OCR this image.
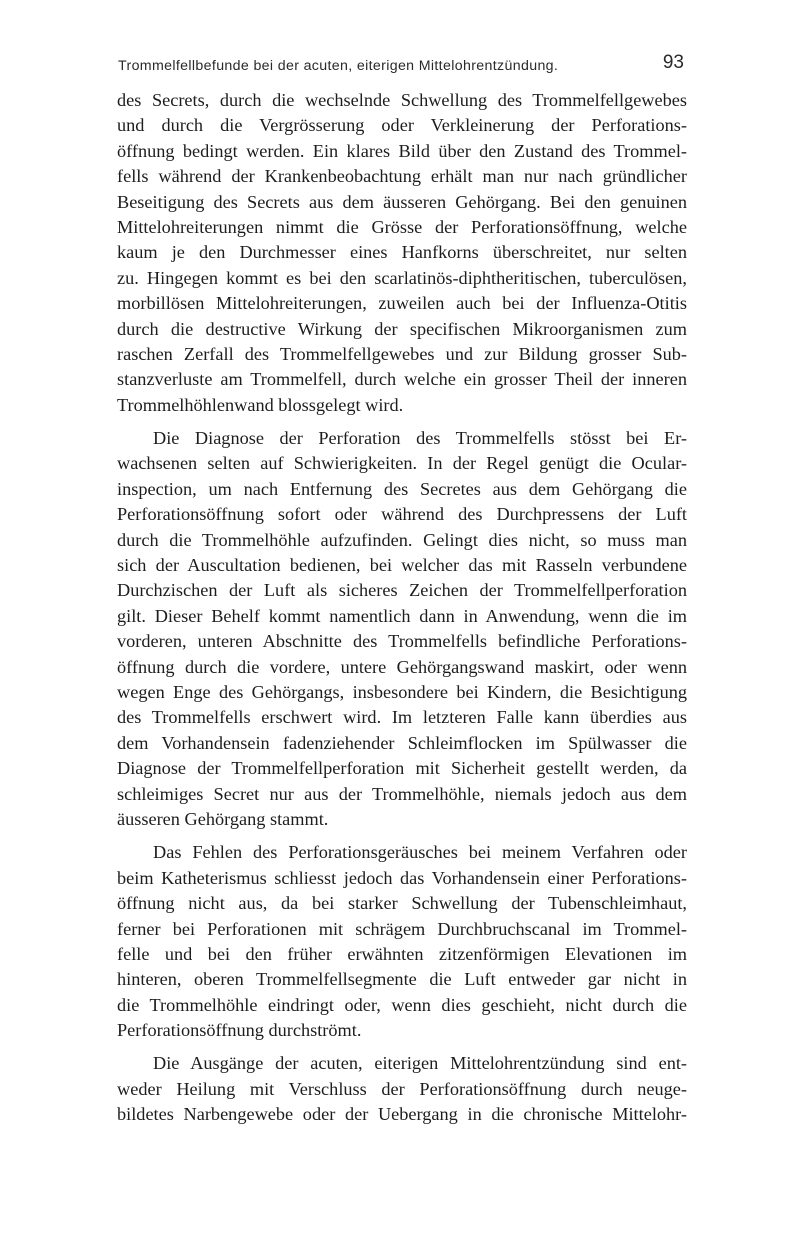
Trommelfellbefunde bei der acuten, eiterigen Mittelohrentzündung.	93
des Secrets, durch die wechselnde Schwellung des Trommelfellgewebes
und durch die Vergrösserung oder Verkleinerung der Perforations-
öffnung bedingt werden. Ein klares Bild über den Zustand des Trommel-
fells während der Krankenbeobachtung erhält man nur nach gründlicher
Beseitigung des Secrets aus dem äusseren Gehörgang. Bei den genuinen
Mittelohreiterungen nimmt die Grösse der Perforationsöffnung, welche
kaum je den Durchmesser eines Hanfkorns überschreitet, nur selten
zu. Hingegen kommt es bei den scarlatinös-diphtheritischen, tuberculösen,
morbillösen Mittelohreiterungen, zuweilen auch bei der Influenza-Otitis
durch die destructive Wirkung der specifischen Mikroorganismen zum
raschen Zerfall des Trommelfellgewebes und zur Bildung grosser Sub-
stanzverluste am Trommelfell, durch welche ein grosser Theil der inneren
Trommelhöhlenwand blossgelegt wird.
Die Diagnose der Perforation des Trommelfells stösst bei Er-
wachsenen selten auf Schwierigkeiten. In der Regel genügt die Ocular-
inspection, um nach Entfernung des Secretes aus dem Gehörgang die
Perforationsöffnung sofort oder während des Durchpressens der Luft
durch die Trommelhöhle aufzufinden. Gelingt dies nicht, so muss man
sich der Auscultation bedienen, bei welcher das mit Rasseln verbundene
Durchzischen der Luft als sicheres Zeichen der Trommelfellperforation
gilt. Dieser Behelf kommt namentlich dann in Anwendung, wenn die im
vorderen, unteren Abschnitte des Trommelfells befindliche Perforations-
öffnung durch die vordere, untere Gehörgangswand maskirt, oder wenn
wegen Enge des Gehörgangs, insbesondere bei Kindern, die Besichtigung
des Trommelfells erschwert wird. Im letzteren Falle kann überdies aus
dem Vorhandensein fadenziehender Schleimflocken im Spülwasser die
Diagnose der Trommelfellperforation mit Sicherheit gestellt werden, da
schleimiges Secret nur aus der Trommelhöhle, niemals jedoch aus dem
äusseren Gehörgang stammt.
Das Fehlen des Perforationsgeräusches bei meinem Verfahren oder
beim Katheterismus schliesst jedoch das Vorhandensein einer Perforations-
öffnung nicht aus, da bei starker Schwellung der Tubenschleimhaut,
ferner bei Perforationen mit schrägem Durchbruchscanal im Trommel-
felle und bei den früher erwähnten zitzenförmigen Elevationen im
hinteren, oberen Trommelfellsegmente die Luft entweder gar nicht in
die Trommelhöhle eindringt oder, wenn dies geschieht, nicht durch die
Perforationsöffnung durchströmt.
Die Ausgänge der acuten, eiterigen Mittelohrentzündung sind ent-
weder Heilung mit Verschluss der Perforationsöffnung durch neuge-
bildetes Narbengewebe oder der Uebergang in die chronische Mittelohr-
